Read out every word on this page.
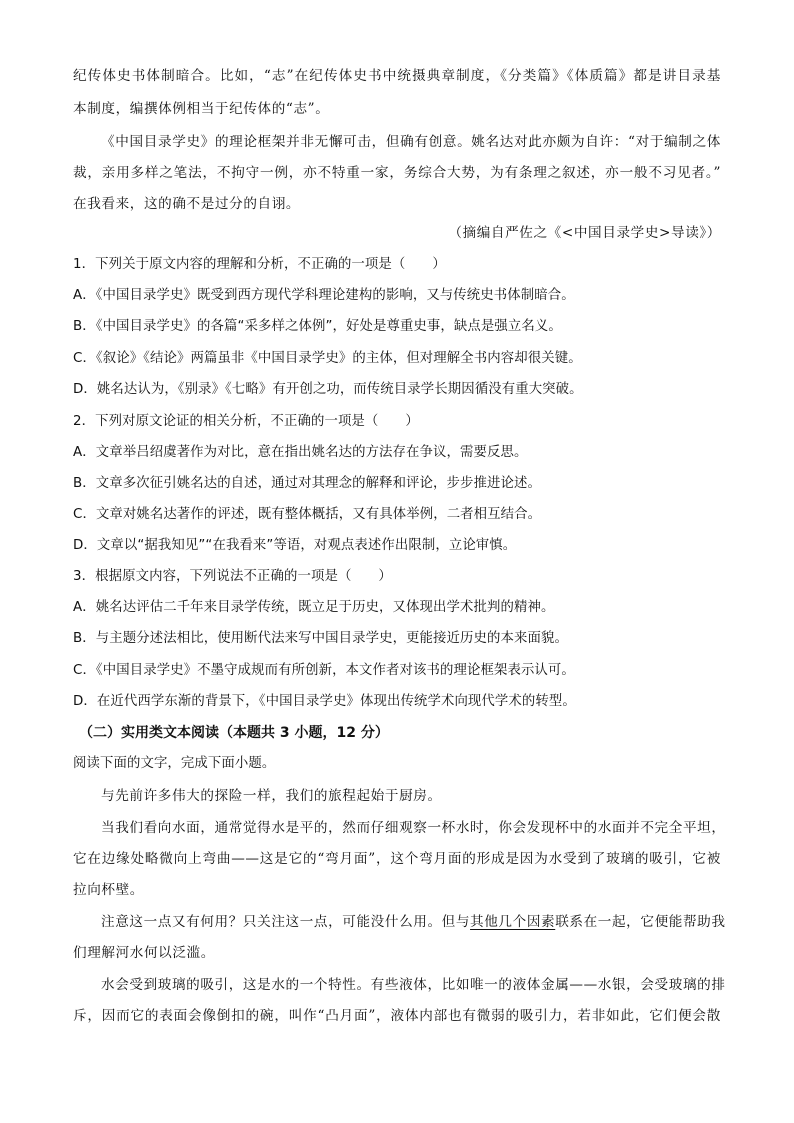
纪传体史书体制暗合。比如，“志”在纪传体史书中统摄典章制度，《分类篇》《体质篇》都是讲目录基
本制度，编撰体例相当于纪传体的“志”。
《中国目录学史》的理论框架并非无懈可击，但确有创意。姚名达对此亦颇为自许：“对于编制之体
裁，亲用多样之笔法，不拘守一例，亦不特重一家，务综合大势，为有条理之叙述，亦一般不习见者。”
在我看来，这的确不是过分的自诩。
（摘编自严佐之《<中国目录学史>导读》）
1．下列关于原文内容的理解和分析，不正确的一项是（　　）
A．《中国目录学史》既受到西方现代学科理论建构的影响，又与传统史书体制暗合。
B．《中国目录学史》的各篇“采多样之体例”，好处是尊重史事，缺点是强立名义。
C．《叙论》《结论》两篇虽非《中国目录学史》的主体，但对理解全书内容却很关键。
D．姚名达认为，《别录》《七略》有开创之功，而传统目录学长期因循没有重大突破。
2．下列对原文论证的相关分析，不正确的一项是（　　）
A．文章举吕绍虞著作为对比，意在指出姚名达的方法存在争议，需要反思。
B．文章多次征引姚名达的自述，通过对其理念的解释和评论，步步推进论述。
C．文章对姚名达著作的评述，既有整体概括，又有具体举例，二者相互结合。
D．文章以“据我知见”“在我看来”等语，对观点表述作出限制，立论审慎。
3．根据原文内容，下列说法不正确的一项是（　　）
A．姚名达评估二千年来目录学传统，既立足于历史，又体现出学术批判的精神。
B．与主题分述法相比，使用断代法来写中国目录学史，更能接近历史的本来面貌。
C．《中国目录学史》不墨守成规而有所创新，本文作者对该书的理论框架表示认可。
D．在近代西学东渐的背景下，《中国目录学史》体现出传统学术向现代学术的转型。
（二）实用类文本阅读（本题共 3 小题，12 分）
阅读下面的文字，完成下面小题。
与先前许多伟大的探险一样，我们的旅程起始于厨房。
当我们看向水面，通常觉得水是平的，然而仔细观察一杯水时，你会发现杯中的水面并不完全平坦，
它在边缘处略微向上弯曲——这是它的“弯月面”，这个弯月面的形成是因为水受到了玻璃的吸引，它被
拉向杯壁。
注意这一点又有何用？只关注这一点，可能没什么用。但与其他几个因素联系在一起，它便能帮助我
们理解河水何以泛滥。
水会受到玻璃的吸引，这是水的一个特性。有些液体，比如唯一的液体金属——水银，会受玻璃的排
斥，因而它的表面会像倒扣的碗，叫作“凸月面”，液体内部也有微弱的吸引力，若非如此，它们便会散
